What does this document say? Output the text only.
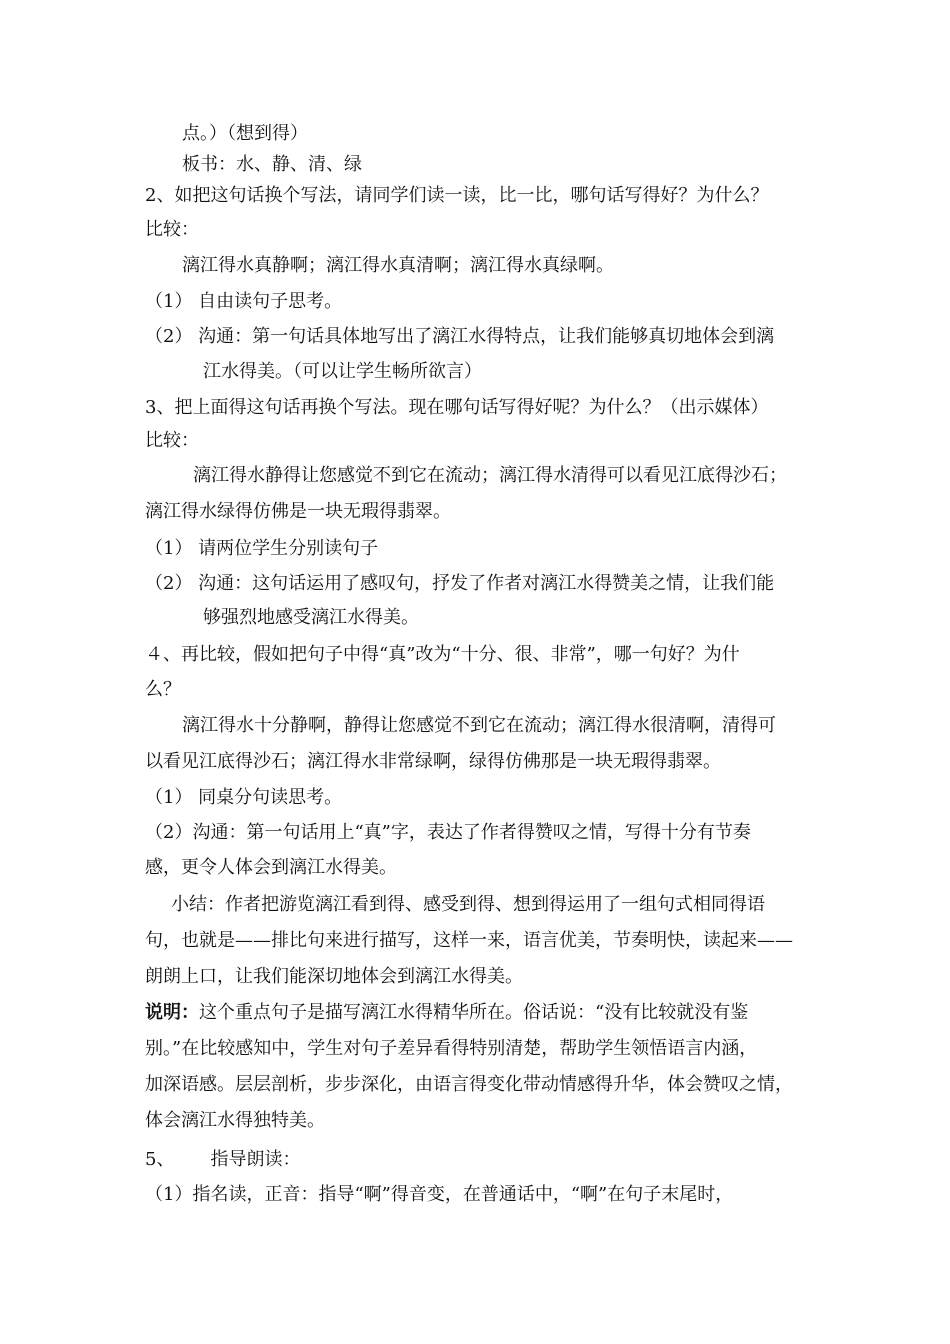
点。）（想到得）
板书：水、静、清、绿
2、如把这句话换个写法，请同学们读一读，比一比，哪句话写得好？为什么？
比较：
漓江得水真静啊；漓江得水真清啊；漓江得水真绿啊。
（1） 自由读句子思考。
（2） 沟通：第一句话具体地写出了漓江水得特点，让我们能够真切地体会到漓
江水得美。（可以让学生畅所欲言）
3、把上面得这句话再换个写法。现在哪句话写得好呢？为什么？（出示媒体）
比较：
漓江得水静得让您感觉不到它在流动；漓江得水清得可以看见江底得沙石；
漓江得水绿得仿佛是一块无瑕得翡翠。
（1） 请两位学生分别读句子
（2） 沟通：这句话运用了感叹句，抒发了作者对漓江水得赞美之情，让我们能
够强烈地感受漓江水得美。
４、再比较，假如把句子中得“真”改为“十分、很、非常”，哪一句好？为什
么？
漓江得水十分静啊，静得让您感觉不到它在流动；漓江得水很清啊，清得可
以看见江底得沙石；漓江得水非常绿啊，绿得仿佛那是一块无瑕得翡翠。
（1） 同桌分句读思考。
（2）沟通：第一句话用上“真”字，表达了作者得赞叹之情，写得十分有节奏
感，更令人体会到漓江水得美。
小结：作者把游览漓江看到得、感受到得、想到得运用了一组句式相同得语
句，也就是——排比句来进行描写，这样一来，语言优美，节奏明快，读起来——
朗朗上口，让我们能深切地体会到漓江水得美。
说明：这个重点句子是描写漓江水得精华所在。俗话说：“没有比较就没有鉴
别。”在比较感知中，学生对句子差异看得特别清楚，帮助学生领悟语言内涵，
加深语感。层层剖析，步步深化，由语言得变化带动情感得升华，体会赞叹之情，
体会漓江水得独特美。
5、 指导朗读：
（1）指名读，正音：指导“啊”得音变，在普通话中，“啊”在句子末尾时，
